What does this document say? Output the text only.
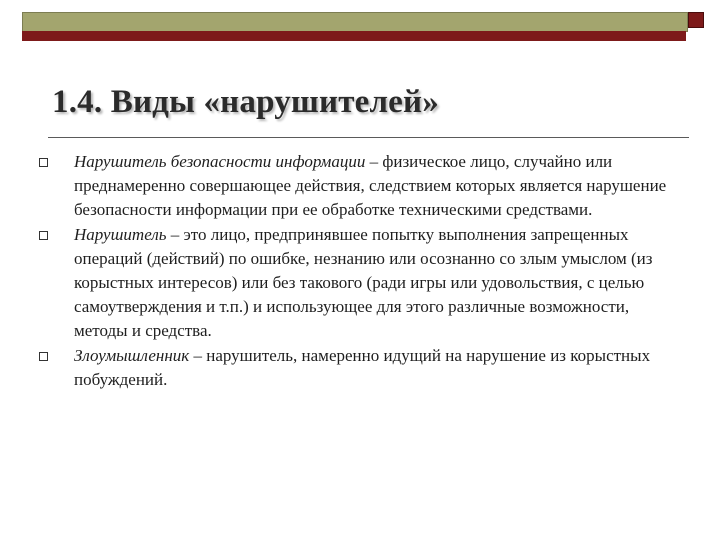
1.4. Виды «нарушителей»
Нарушитель безопасности информации – физическое лицо, случайно или преднамеренно совершающее действия, следствием которых является нарушение безопасности информации при ее обработке техническими средствами.
Нарушитель – это лицо, предпринявшее попытку выполнения запрещенных операций (действий) по ошибке, незнанию или осознанно со злым умыслом (из корыстных интересов) или без такового (ради игры или удовольствия, с целью самоутверждения и т.п.) и использующее для этого различные возможности, методы и средства.
Злоумышленник – нарушитель, намеренно идущий на нарушение из корыстных побуждений.
